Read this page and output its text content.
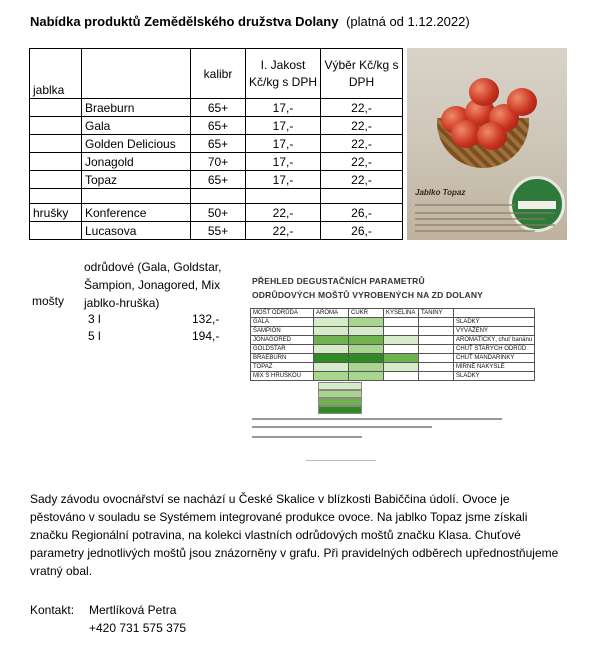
Nabídka produktů Zemědělského družstva Dolany (platná od 1.12.2022)
jablka		kalibr	I. Jakost Kč/kg s DPH	Výběr Kč/kg s DPH
	Braeburn	65+	17,-	22,-
	Gala	65+	17,-	22,-
	Golden Delicious	65+	17,-	22,-
	Jonagold	70+	17,-	22,-
	Topaz	65+	17,-	22,-

hrušky	Konference	50+	22,-	26,-
	Lucasova	55+	22,-	26,-
odrůdové (Gala, Goldstar, Šampion, Jonagored, Mix jablko-hruška)
mošty
3 l	132,-
5 l	194,-
Jablko Topaz
PŘEHLED DEGUSTAČNÍCH PARAMETRŮ
ODRŮDOVÝCH MOŠTŮ VYROBENÝCH NA ZD DOLANY
MOŠT ODRŮDA	AROMA	CUKR	KYSELINA	TANINY	
GALA					SLADKÝ
ŠAMPION					VYVÁŽENÝ
JONAGORED					AROMATICKÝ, chuť banánu
GOLDSTAR					CHUŤ STARÝCH ODRŮD
BRAEBURN					CHUŤ MANDARINKY
TOPAZ					MÍRNĚ NAKYSLÉ
MIX S HRUŠKOU					SLADKÝ
Sady závodu ovocnářství se nachází u České Skalice v blízkosti Babiččina údolí. Ovoce je pěstováno v souladu se Systémem integrované produkce ovoce. Na jablko Topaz jsme získali značku Regionální potravina, na kolekci vlastních odrůdových moštů značku Klasa. Chuťové parametry jednotlivých moštů jsou znázorněny v grafu. Při pravidelných odběrech upřednostňujeme vratný obal.
Kontakt: Mertlíková Petra
+420 731 575 375
